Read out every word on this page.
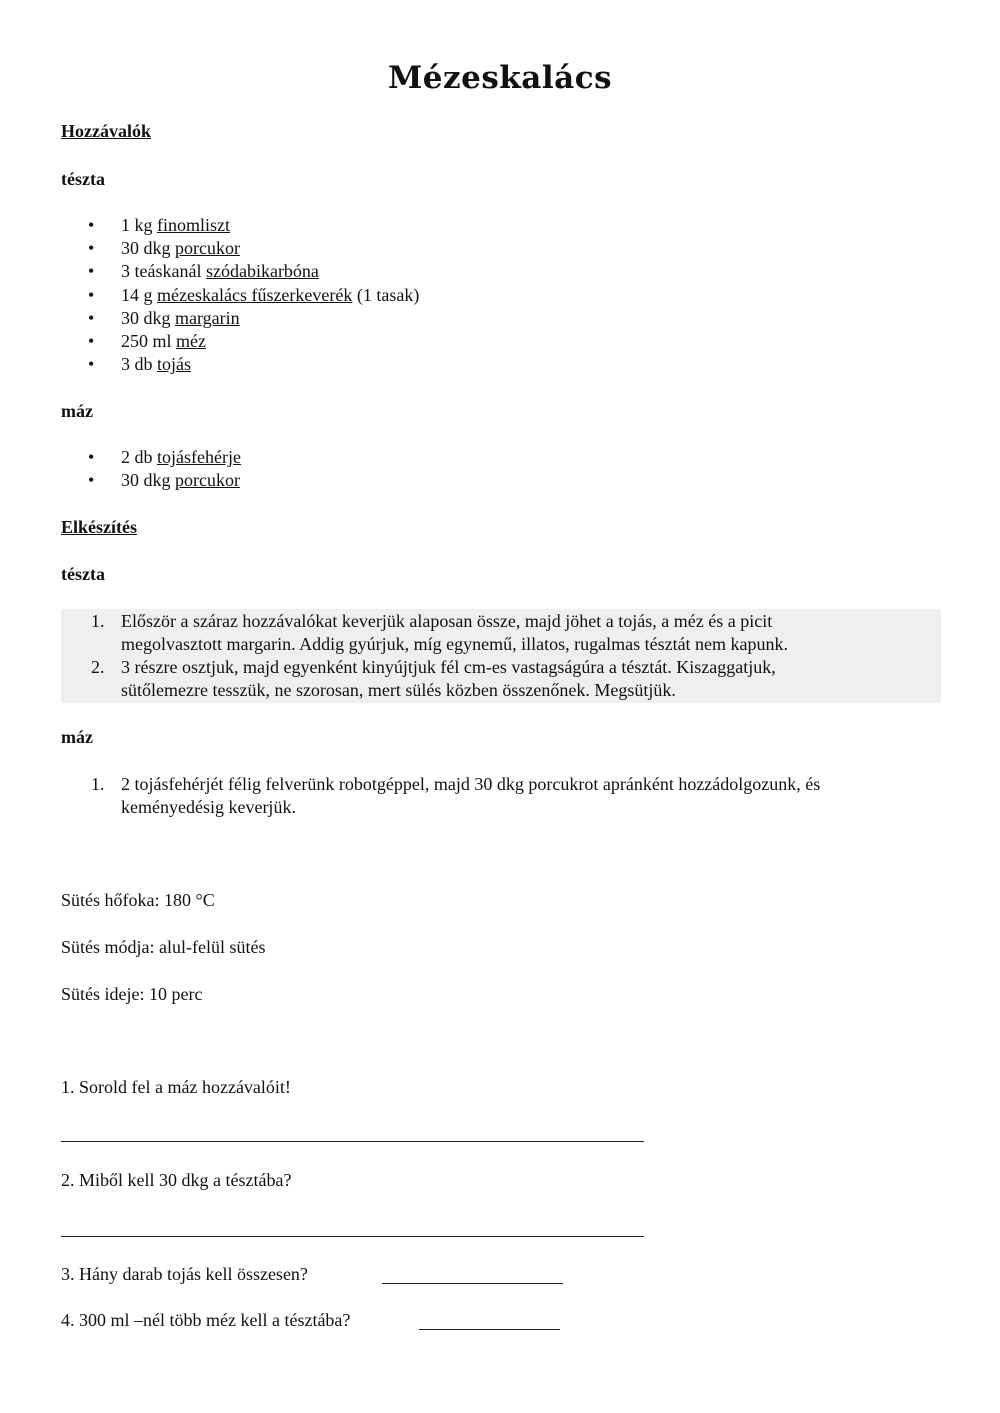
Mézeskalács
Hozzávalók
tészta
• 1 kg finomliszt
• 30 dkg porcukor
• 3 teáskanál szódabikarbóna
• 14 g mézeskalács fűszerkeverék (1 tasak)
• 30 dkg margarin
• 250 ml méz
• 3 db tojás
máz
• 2 db tojásfehérje
• 30 dkg porcukor
Elkészítés
tészta
1. Először a száraz hozzávalókat keverjük alaposan össze, majd jöhet a tojás, a méz és a picit
megolvasztott margarin. Addig gyúrjuk, míg egynemű, illatos, rugalmas tésztát nem kapunk.
2. 3 részre osztjuk, majd egyenként kinyújtjuk fél cm-es vastagságúra a tésztát. Kiszaggatjuk,
sütőlemezre tesszük, ne szorosan, mert sülés közben összenőnek. Megsütjük.
máz
1. 2 tojásfehérjét félig felverünk robotgéppel, majd 30 dkg porcukrot apránként hozzádolgozunk, és
keményedésig keverjük.
Sütés hőfoka: 180 °C
Sütés módja: alul-felül sütés
Sütés ideje: 10 perc
1. Sorold fel a máz hozzávalóit!
2. Miből kell 30 dkg a tésztába?
3. Hány darab tojás kell összesen?
4. 300 ml –nél több méz kell a tésztába?
